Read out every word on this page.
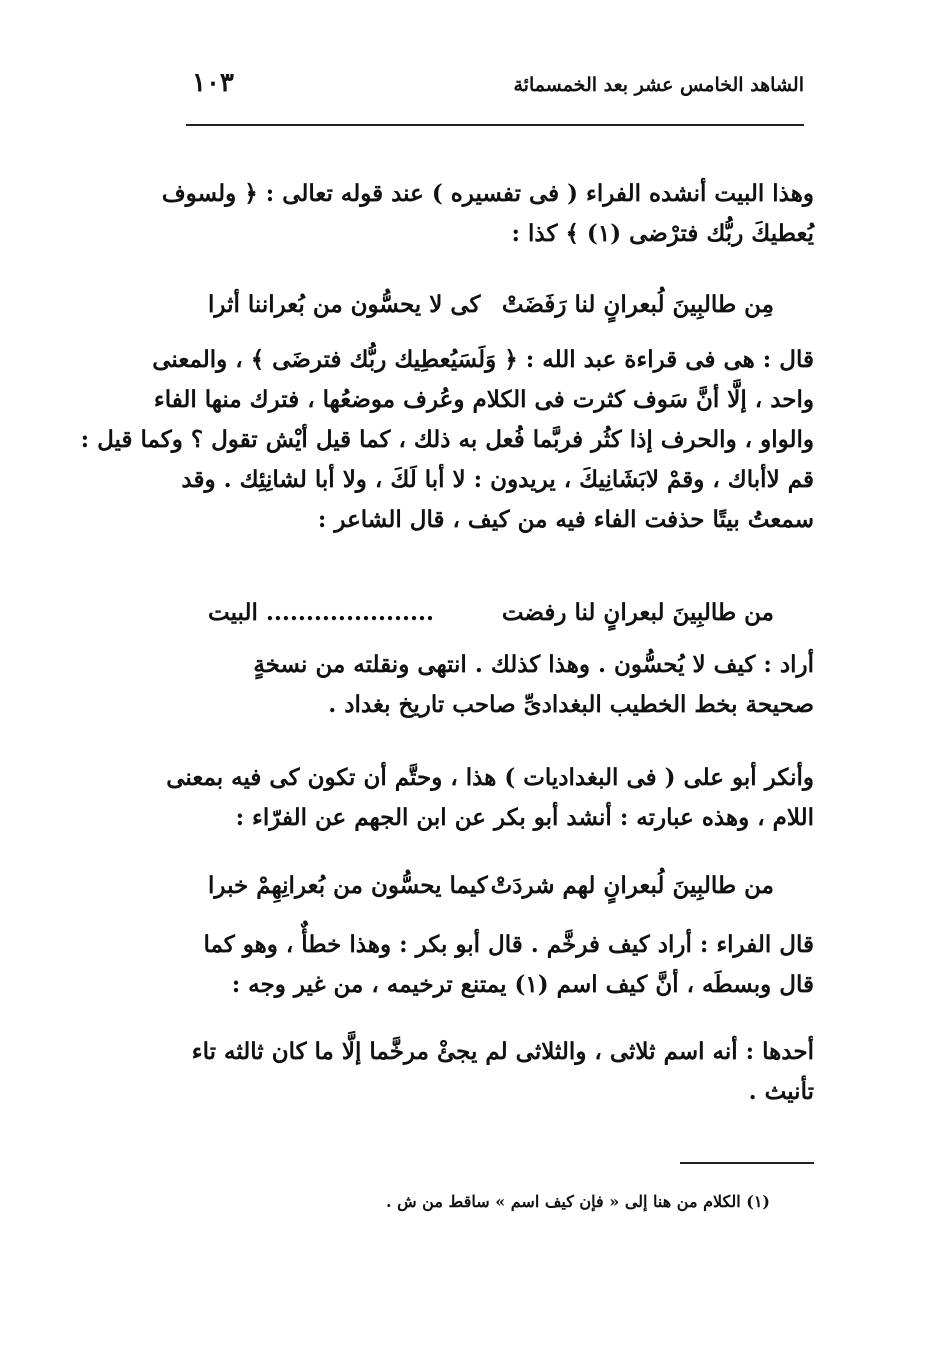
الشاهد الخامس عشر بعد الخمسمائة
١٠٣
وهذا البيت أنشده الفراء ( فى تفسيره ) عند قوله تعالى : ﴿ ولسوف
يُعطيكَ ربُّك فترْضى (١) ﴾ كذا :
مِن طالبِينَ لُبعرانٍ لنا رَفَضَتْ
كى لا يحسُّون من بُعراننا أثرا
قال : هى فى قراءة عبد الله : ﴿ وَلَسَيُعطِيك ربُّك فترضَى ﴾ ، والمعنى
واحد ، إلَّا أنَّ سَوف كثرت فى الكلام وعُرف موضعُها ، فترك منها الفاء
والواو ، والحرف إذا كثُر فربَّما فُعل به ذلك ، كما قيل أيْش تقول ؟ وكما قيل :
قم لاأباك ، وقمْ لابَشَانِيكَ ، يريدون : لا أبا لَكَ ، ولا أبا لشانِئِك . وقد
سمعتُ بيتًا حذفت الفاء فيه من كيف ، قال الشاعر :
من طالبِينَ لبعرانٍ لنا رفضت
..................... البيت
أراد : كيف لا يُحسُّون . وهذا كذلك . انتهى ونقلته من نسخةٍ
صحيحة بخط الخطيب البغدادىِّ صاحب تاريخ بغداد .
وأنكر أبو على ( فى البغداديات ) هذا ، وحتَّم أن تكون كى فيه بمعنى
اللام ، وهذه عبارته : أنشد أبو بكر عن ابن الجهم عن الفرّاء :
من طالبِينَ لُبعرانٍ لهم شردَتْ
كيما يحسُّون من بُعرانِهِمْ خبرا
قال الفراء : أراد كيف فرخَّم . قال أبو بكر : وهذا خطأٌ ، وهو كما
قال وبسطَه ، أنَّ كيف اسم (١) يمتنع ترخيمه ، من غير وجه :
أحدها : أنه اسم ثلاثى ، والثلاثى لم يجئْ مرخَّما إلَّا ما كان ثالثه تاء
تأنيث .
(١) الكلام من هنا إلى « فإن كيف اسم » ساقط من ش .
